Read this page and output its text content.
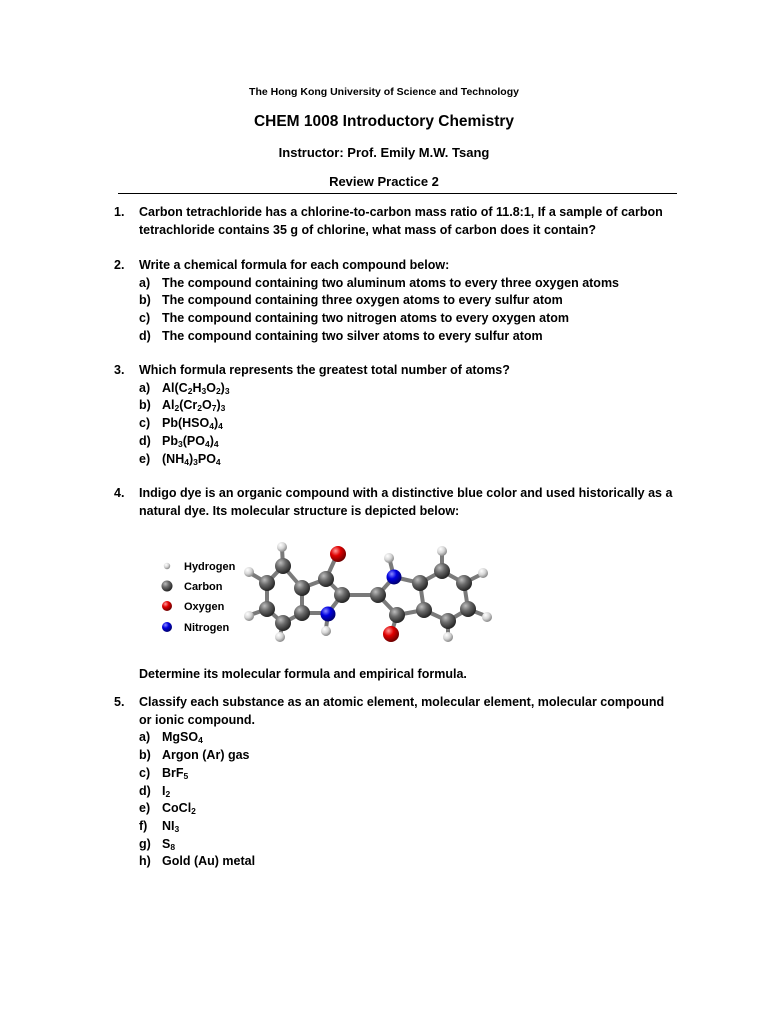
The Hong Kong University of Science and Technology
CHEM 1008 Introductory Chemistry
Instructor: Prof. Emily M.W. Tsang
Review Practice 2
1.	Carbon tetrachloride has a chlorine-to-carbon mass ratio of 11.8:1, If a sample of carbon tetrachloride contains 35 g of chlorine, what mass of carbon does it contain?
2.	Write a chemical formula for each compound below:
a) The compound containing two aluminum atoms to every three oxygen atoms
b) The compound containing three oxygen atoms to every sulfur atom
c) The compound containing two nitrogen atoms to every oxygen atom
d) The compound containing two silver atoms to every sulfur atom
3.	Which formula represents the greatest total number of atoms?
a) $Al(C_2H_3O_2)_3$
b) $Al_2(Cr_2O_7)_3$
c) $Pb(HSO_4)_4$
d) $Pb_3(PO_4)_4$
e) $(NH_4)_3PO_4$
4.	Indigo dye is an organic compound with a distinctive blue color and used historically as a natural dye. Its molecular structure is depicted below:
Hydrogen
Carbon
Oxygen
Nitrogen
Determine its molecular formula and empirical formula.
5.	Classify each substance as an atomic element, molecular element, molecular compound or ionic compound.
a) MgSO$_4$
b) Argon (Ar) gas
c) BrF$_5$
d) $I_2$
e) CoCl$_2$
f)	$NI_3$
g) $S_8$
h) Gold (Au) metal
